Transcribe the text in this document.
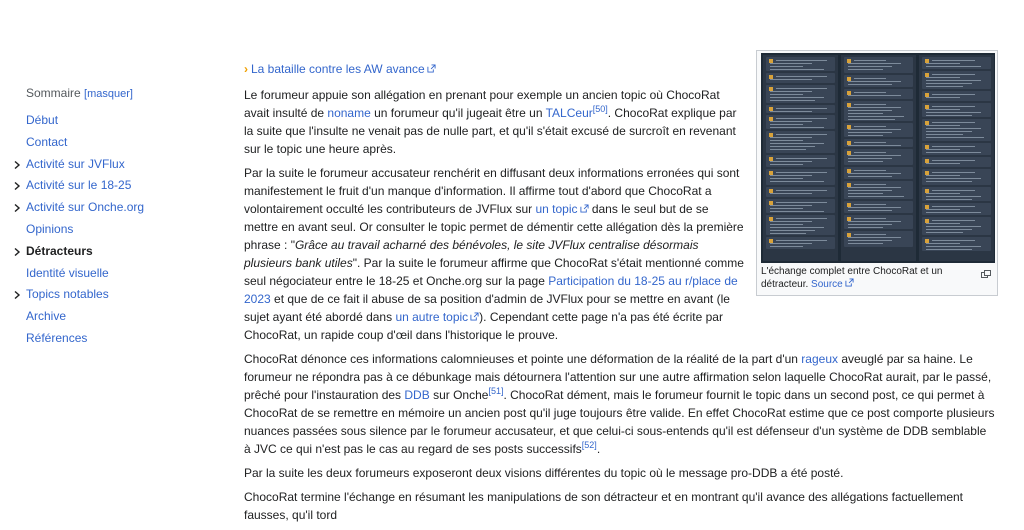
Sommaire [masquer]
Début
Contact
Activité sur JVFlux
Activité sur le 18-25
Activité sur Onche.org
Opinions
Détracteurs
Identité visuelle
Topics notables
Archive
Références
L'échange complet entre ChocoRat et un détracteur. Source
› La bataille contre les AW avance

Le forumeur appuie son allégation en prenant pour exemple un ancien topic où ChocoRat avait insulté de noname un forumeur qu'il jugeait être un TALCeur[50]. ChocoRat explique par la suite que l'insulte ne venait pas de nulle part, et qu'il s'était excusé de surcroît en revenant sur le topic une heure après.

Par la suite le forumeur accusateur renchérit en diffusant deux informations erronées qui sont manifestement le fruit d'un manque d'information. Il affirme tout d'abord que ChocoRat a volontairement occulté les contributeurs de JVFlux sur un topic
dans le seul but de se mettre en avant seul. Or consulter le topic permet de démentir cette allégation dès la première phrase : "Grâce au travail acharné des bénévoles, le site JVFlux centralise désormais plusieurs bank utiles". Par la suite le forumeur affirme que ChocoRat s'était mentionné comme seul négociateur entre le 18-25 et Onche.org sur la page Participation du 18-25 au r/place de 2023 et que de ce fait il abuse de sa position d'admin de JVFlux pour se mettre en avant (le sujet ayant été abordé dans un autre topic ). Cependant cette page n'a pas été écrite par ChocoRat, un rapide coup d'œil dans l'historique le prouve.

ChocoRat dénonce ces informations calomnieuses et pointe une déformation de la réalité de la part d'un rageux aveuglé par sa haine. Le forumeur ne répondra pas à ce débunkage mais détournera l'attention sur une autre affirmation selon laquelle ChocoRat aurait, par le passé, prêché pour l'instauration des DDB sur Onche[51]. ChocoRat dément, mais le forumeur fournit le topic dans un second post, ce qui permet à ChocoRat de se remettre en mémoire un ancien post qu'il juge toujours être valide. En effet ChocoRat estime que ce post comporte plusieurs nuances passées sous silence par le forumeur accusateur, et que celui-ci sous-entends qu'il est défenseur d'un système de DDB semblable à JVC ce qui n'est pas le cas au regard de ses posts successifs[52].

Par la suite les deux forumeurs exposeront deux visions différentes du topic où le message pro-DDB a été posté.

ChocoRat termine l'échange en résumant les manipulations de son détracteur et en montrant qu'il avance des allégations factuellement fausses, qu'il tord
